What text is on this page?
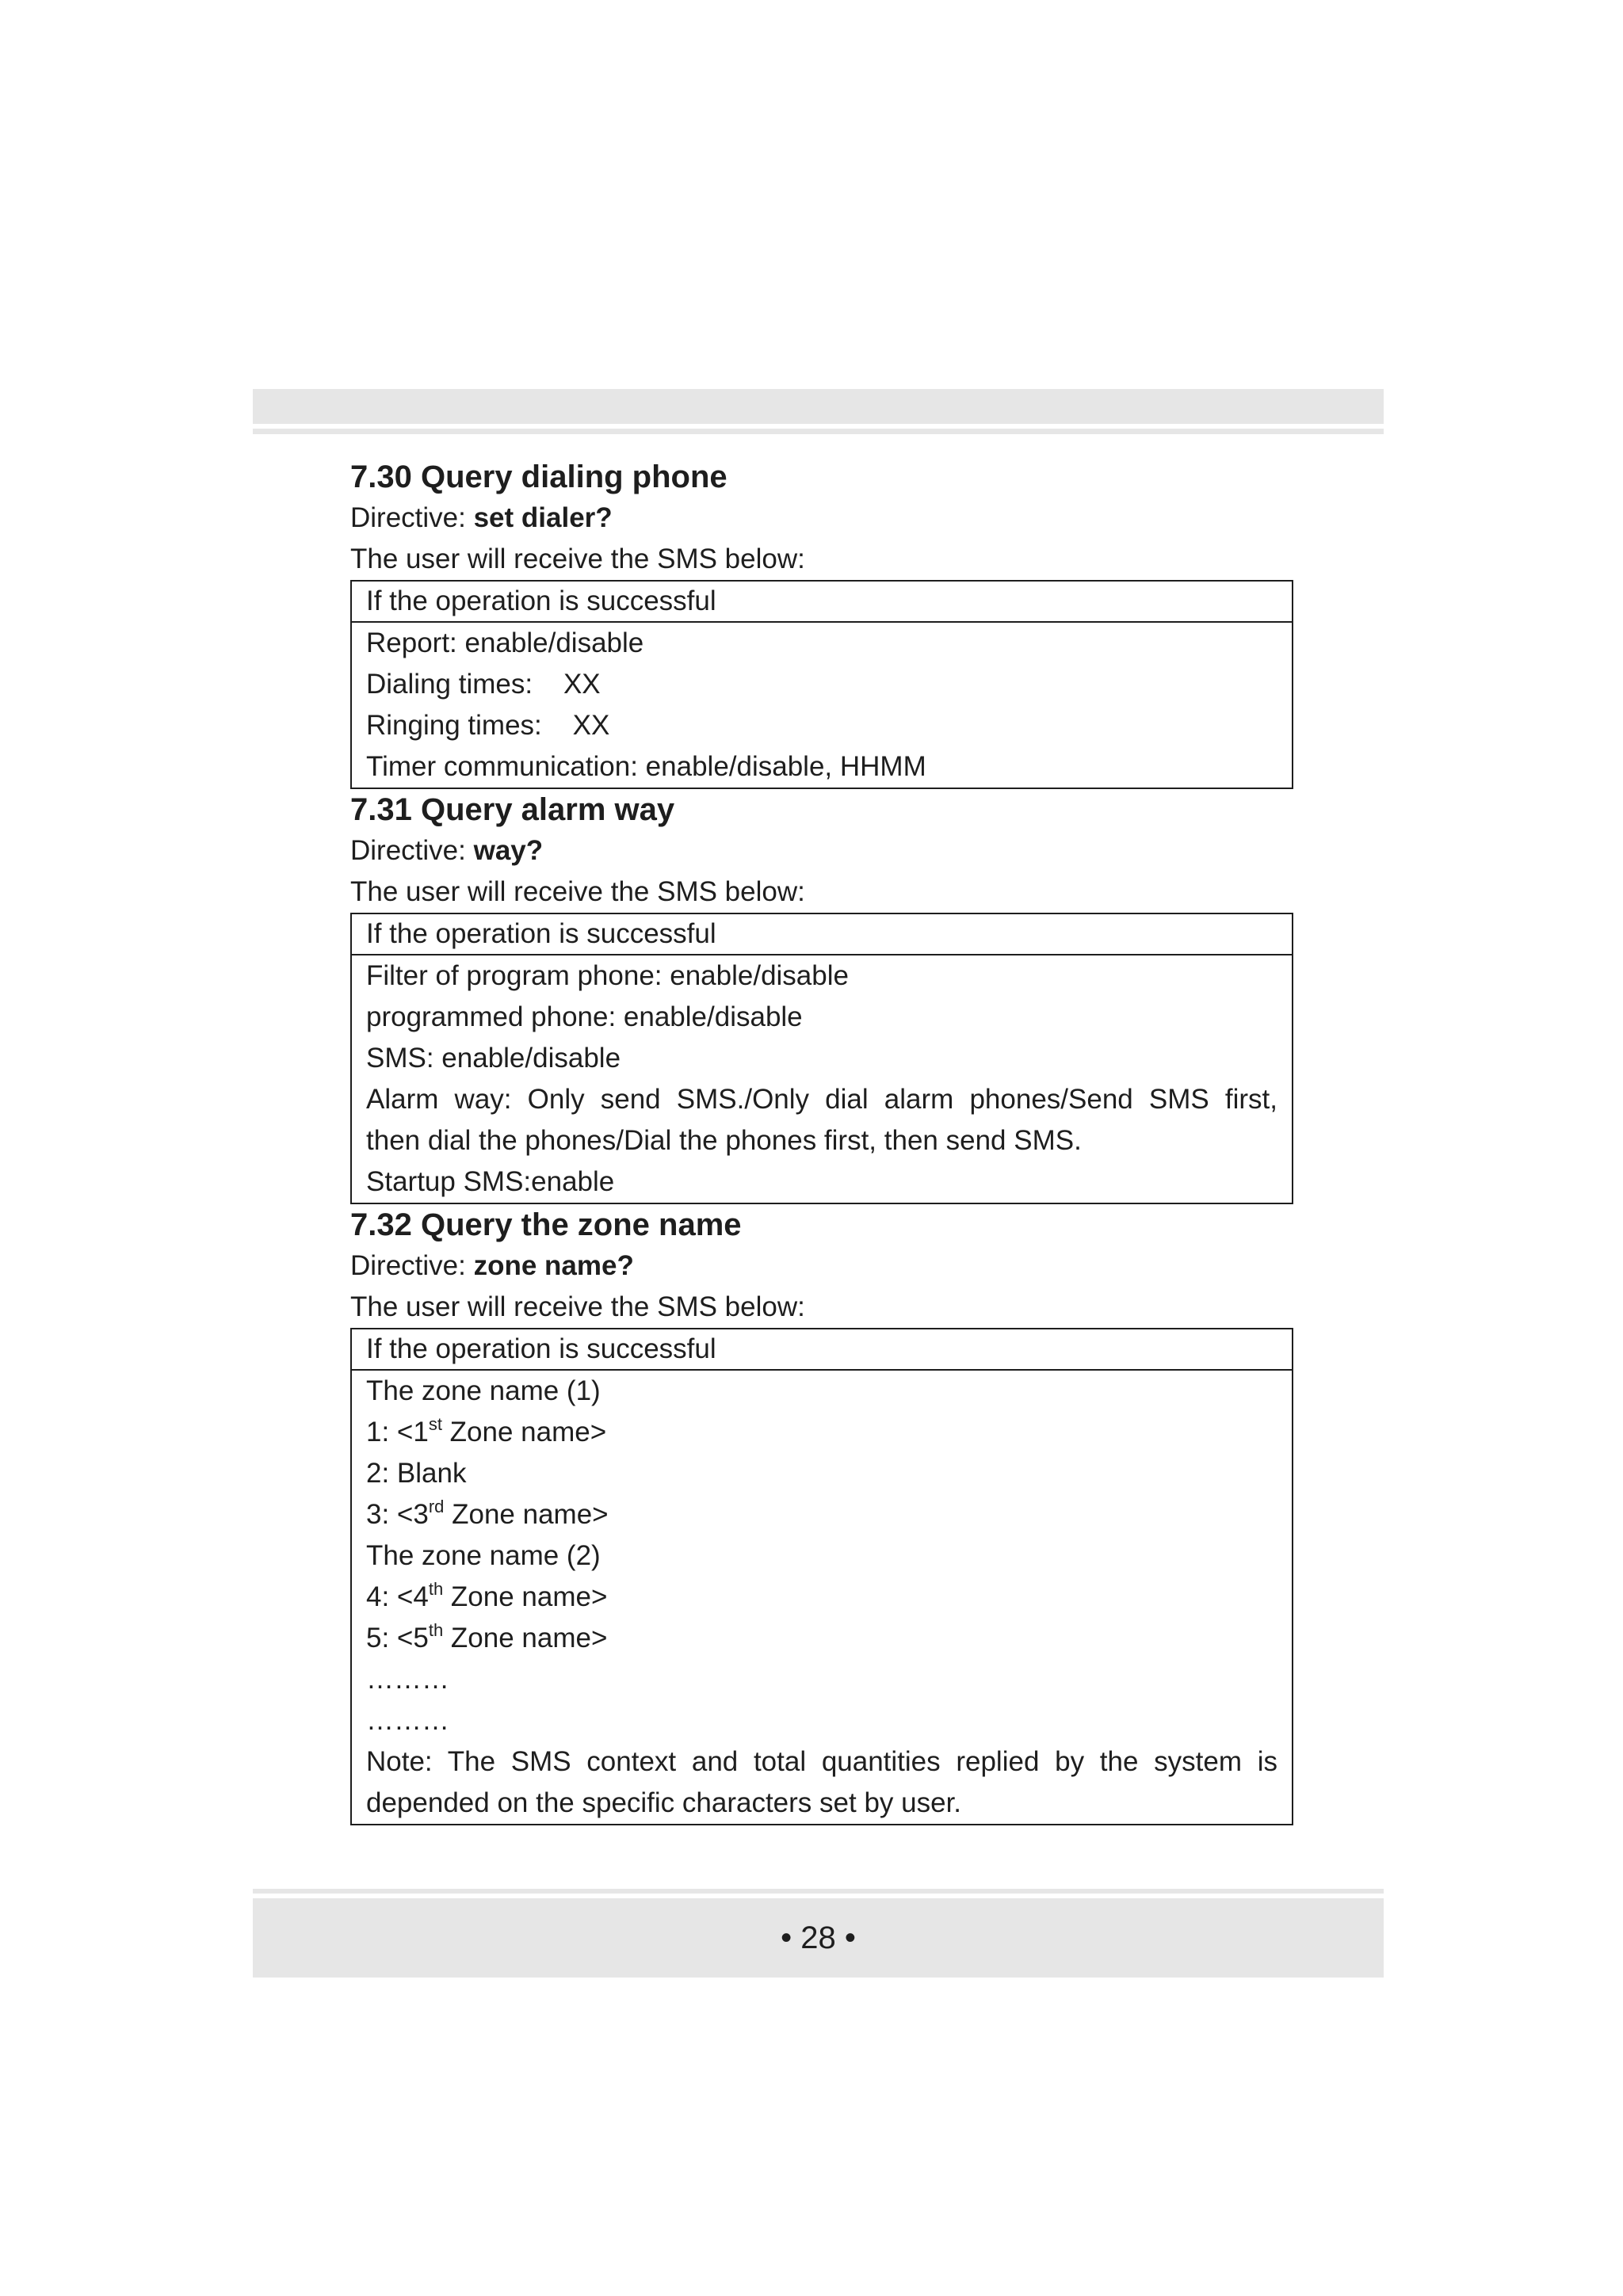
7.30 Query dialing phone
Directive: set dialer?
The user will receive the SMS below:
If the operation is successful
Report: enable/disable
Dialing times:    XX
Ringing times:    XX
Timer communication: enable/disable, HHMM
7.31 Query alarm way
Directive: way?
The user will receive the SMS below:
If the operation is successful
Filter of program phone: enable/disable
programmed phone: enable/disable
SMS: enable/disable
Alarm way: Only send SMS./Only dial alarm phones/Send SMS first,
then dial the phones/Dial the phones first, then send SMS.
Startup SMS:enable
7.32 Query the zone name
Directive: zone name?
The user will receive the SMS below:
If the operation is successful
The zone name (1)
1: <1st Zone name>
2: Blank
3: <3rd Zone name>
The zone name (2)
4: <4th Zone name>
5: <5th Zone name>
………
………
Note: The SMS context and total quantities replied by the system is
depended on the specific characters set by user.
• 28 •
